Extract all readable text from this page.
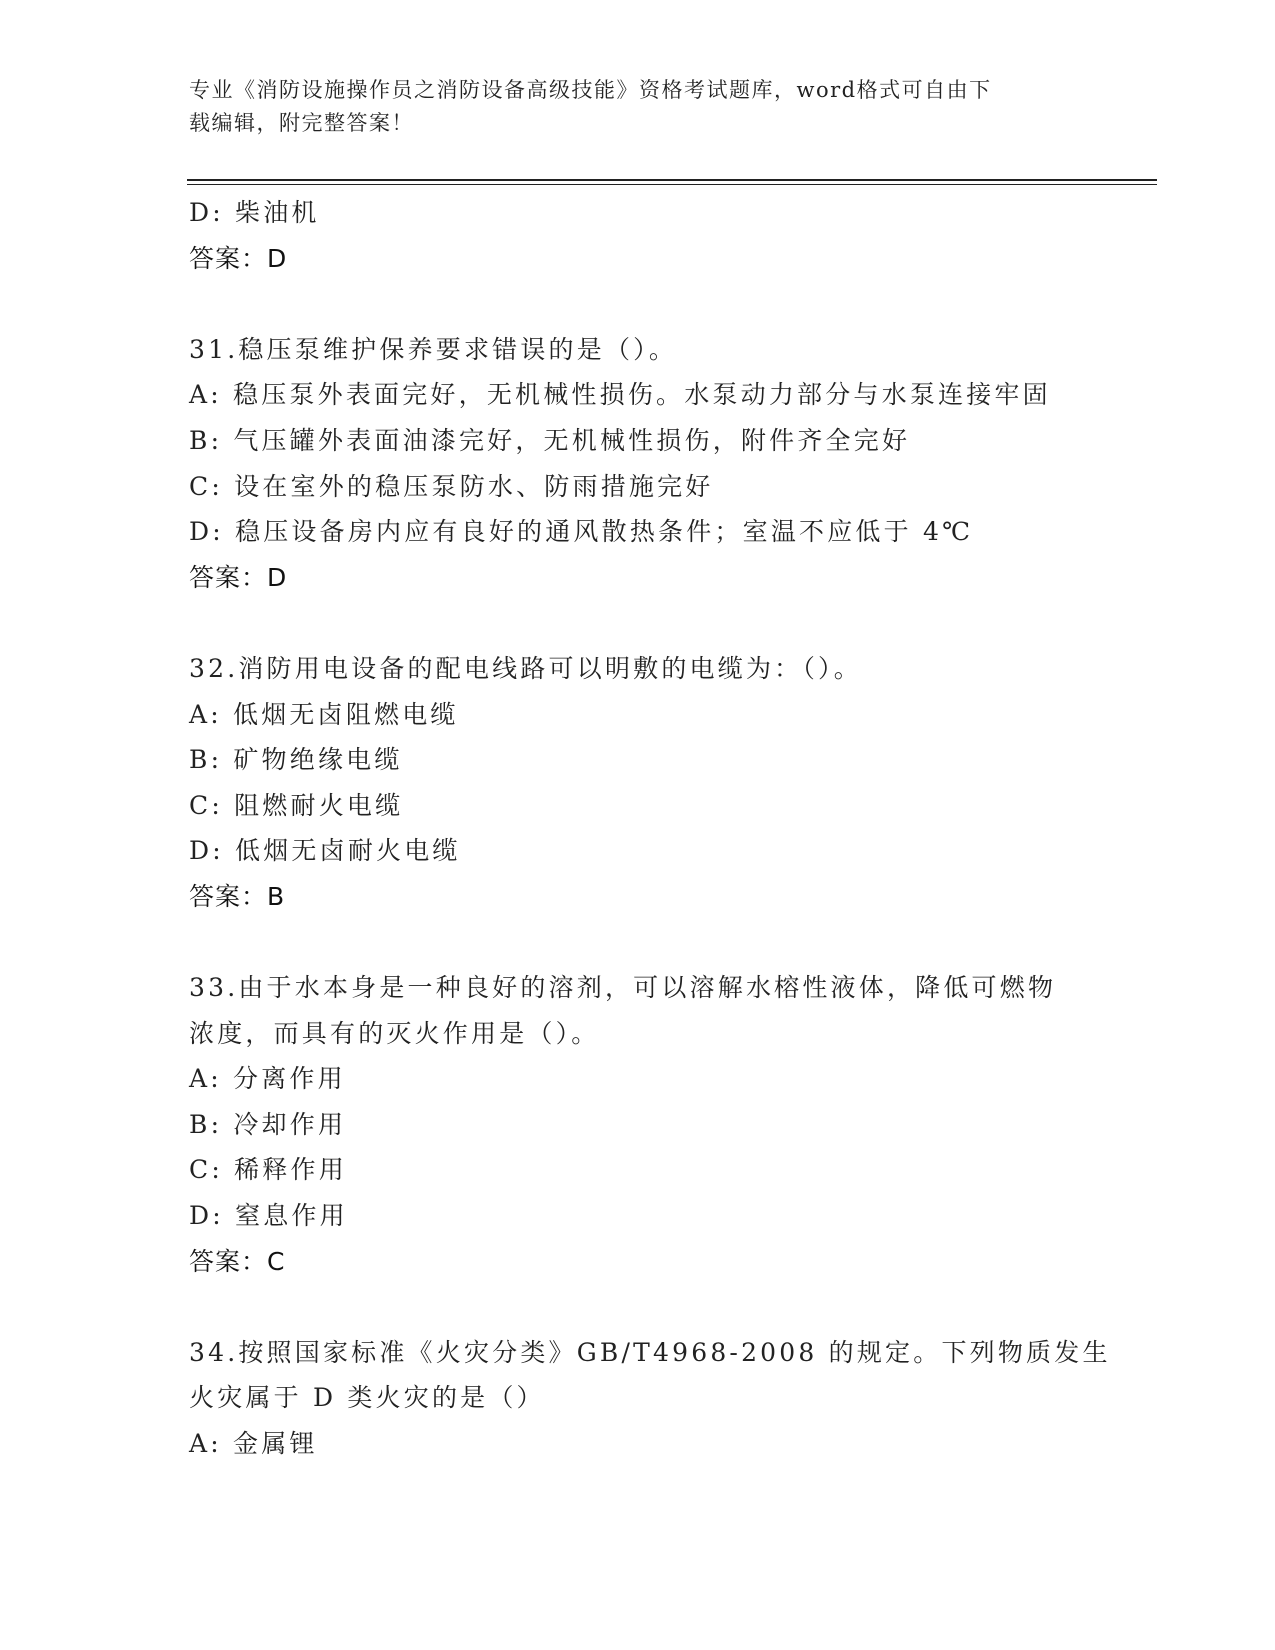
专业《消防设施操作员之消防设备高级技能》资格考试题库，word格式可自由下
载编辑，附完整答案！
D: 柴油机
答案：D
31.稳压泵维护保养要求错误的是（）。
A: 稳压泵外表面完好，无机械性损伤。水泵动力部分与水泵连接牢固
B: 气压罐外表面油漆完好，无机械性损伤，附件齐全完好
C: 设在室外的稳压泵防水、防雨措施完好
D: 稳压设备房内应有良好的通风散热条件；室温不应低于 4℃
答案：D
32.消防用电设备的配电线路可以明敷的电缆为：（）。
A: 低烟无卤阻燃电缆
B: 矿物绝缘电缆
C: 阻燃耐火电缆
D: 低烟无卤耐火电缆
答案：B
33.由于水本身是一种良好的溶剂，可以溶解水榕性液体，降低可燃物
浓度，而具有的灭火作用是（）。
A: 分离作用
B: 冷却作用
C: 稀释作用
D: 窒息作用
答案：C
34.按照国家标准《火灾分类》GB/T4968-2008 的规定。下列物质发生
火灾属于 D 类火灾的是（）
A: 金属锂
